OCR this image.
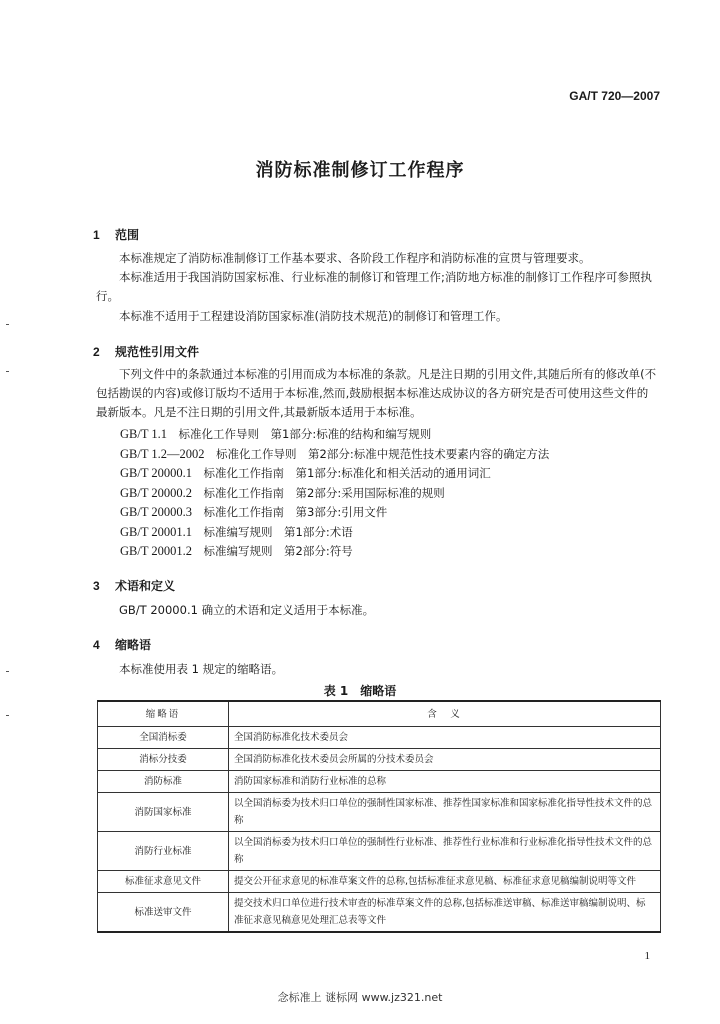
GA/T 720—2007
消防标准制修订工作程序
1 范围
本标准规定了消防标准制修订工作基本要求、各阶段工作程序和消防标准的宣贯与管理要求。
本标准适用于我国消防国家标准、行业标准的制修订和管理工作;消防地方标准的制修订工作程序可参照执行。
本标准不适用于工程建设消防国家标准(消防技术规范)的制修订和管理工作。
2 规范性引用文件
下列文件中的条款通过本标准的引用而成为本标准的条款。凡是注日期的引用文件,其随后所有的修改单(不包括勘误的内容)或修订版均不适用于本标准,然而,鼓励根据本标准达成协议的各方研究是否可使用这些文件的最新版本。凡是不注日期的引用文件,其最新版本适用于本标准。
GB/T 1.1　 标准化工作导则　第1部分:标准的结构和编写规则
GB/T 1.2—2002　 标准化工作导则　第2部分:标准中规范性技术要素内容的确定方法
GB/T 20000.1　 标准化工作指南　第1部分:标准化和相关活动的通用词汇
GB/T 20000.2　 标准化工作指南　第2部分:采用国际标准的规则
GB/T 20000.3　 标准化工作指南　第3部分:引用文件
GB/T 20001.1　 标准编写规则　第1部分:术语
GB/T 20001.2　 标准编写规则　第2部分:符号
3 术语和定义
GB/T 20000.1 确立的术语和定义适用于本标准。
4 缩略语
本标准使用表 1 规定的缩略语。
表 1　缩略语
缩略语	含　义
全国消标委	全国消防标准化技术委员会
消标分技委	全国消防标准化技术委员会所属的分技术委员会
消防标准	消防国家标准和消防行业标准的总称
消防国家标准	以全国消标委为技术归口单位的强制性国家标准、推荐性国家标准和国家标准化指导性技术文件的总称
消防行业标准	以全国消标委为技术归口单位的强制性行业标准、推荐性行业标准和行业标准化指导性技术文件的总称
标准征求意见文件	提交公开征求意见的标准草案文件的总称,包括标准征求意见稿、标准征求意见稿编制说明等文件
标准送审文件	提交技术归口单位进行技术审查的标准草案文件的总称,包括标准送审稿、标准送审稿编制说明、标准征求意见稿意见处理汇总表等文件
1
念标准上 谜标网 www.jz321.net
